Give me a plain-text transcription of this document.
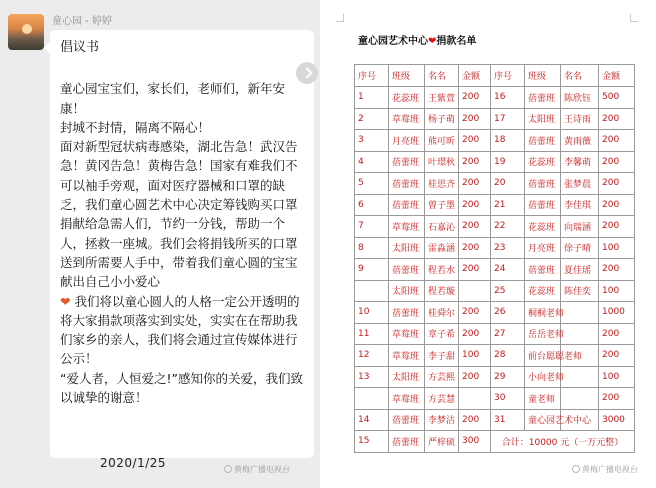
童心园 - 婷婷

倡议书

童心园宝宝们，家长们，老师们，新年安康！

封城不封情，隔离不隔心！

面对新型冠状病毒感染，湖北告急！武汉告急！黄冈告急！黄梅告急！国家有难我们不可以袖手旁观，面对医疗器械和口罩的缺乏，我们童心圆艺术中心决定筹钱购买口罩捐献给急需人们，节约一分钱，帮助一个人，拯救一座城。我们会将捐钱所买的口罩送到所需要人手中，带着我们童心圆的宝宝献出自己小小爱心

❤ 我们将以童心圆人的人格一定公开透明的将大家捐款项落实到实处，实实在在帮助我们家乡的亲人，我们将会通过宣传媒体进行公示！

“爱人者，人恒爱之!”感知你的关爱，我们致以诚挚的谢意！

2020/1/25	黄梅广播电视台
童心园艺术中心❤捐款名单
序号	班级	名名	金额	序号	班级	名名	金额
1	花蕊班	王紫萱	200	16	蓓蕾班	陈欣钰	500
2	草莓班	杨子萌	200	17	太阳班	王诗雨	200
3	月亮班	熊可昕	200	18	蓓蕾班	黄雨薇	200
4	蓓蕾班	叶璟秋	200	19	花蕊班	李馨萌	200
5	蓓蕾班	桂思齐	200	20	蓓蕾班	张梦晨	200
6	蓓蕾班	曾子墨	200	21	蓓蕾班	李佳琪	200
7	草莓班	石嘉沁	200	22	花蕊班	向瑞涵	200
8	太阳班	雷淼涵	200	23	月亮班	徐子晴	100
9	蓓蕾班	程若水	200	24	蓓蕾班	夏佳瑶	200
	太阳班	程若璇		25	花蕊班	陈佳奕	100
10	蓓蕾班	桂舜尔	200	26	桐桐老师		1000
11	草莓班	章子希	200	27	岳岳老师		200
12	草莓班	李子甜	100	28	前台聪聪老师		200
13	太阳班	方芸熙	200	29	小向老师		100
	草莓班	方芸慧		30	童老师		200
14	蓓蕾班	李梦洁	200	31	童心园艺术中心		3000
15	蓓蕾班	严梓硕	300	合计：10000 元（一万元整）			
黄梅广播电视台
